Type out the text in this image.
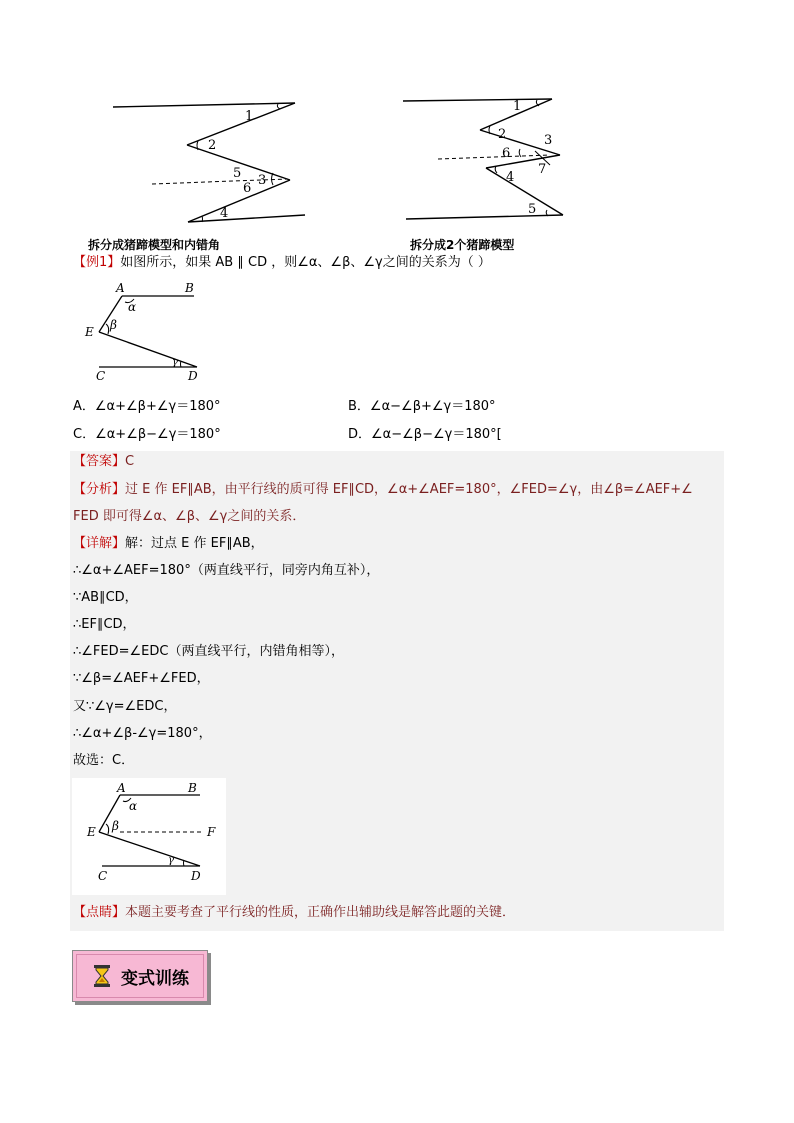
1
2
5 3
6
4
拆分成猪蹄模型和内错角
1
2	3
6
7
4
5
拆分成2个猪蹄模型
【例1】如图所示，如果 AB ∥ CD ，则∠α、∠β、∠γ之间的关系为（ ）
A	B
α
E β
γ
C	D
A．∠α+∠β+∠γ＝180°	B．∠α−∠β+∠γ＝180°
C．∠α+∠β−∠γ＝180°	D．∠α−∠β−∠γ＝180°[
【答案】C
【分析】过 E 作 EF∥AB，由平行线的质可得 EF∥CD，∠α+∠AEF=180°，∠FED=∠γ，由∠β=∠AEF+∠
FED 即可得∠α、∠β、∠γ之间的关系．
【详解】解：过点 E 作 EF∥AB，
∴∠α+∠AEF=180°（两直线平行，同旁内角互补），
∵AB∥CD，
∴EF∥CD，
∴∠FED=∠EDC（两直线平行，内错角相等），
∵∠β=∠AEF+∠FED，
又∵∠γ=∠EDC，
∴∠α+∠β-∠γ=180°，
故选：C．
A	B
α
E β	F
γ
C	D
【点睛】本题主要考查了平行线的性质，正确作出辅助线是解答此题的关键．
变式训练
